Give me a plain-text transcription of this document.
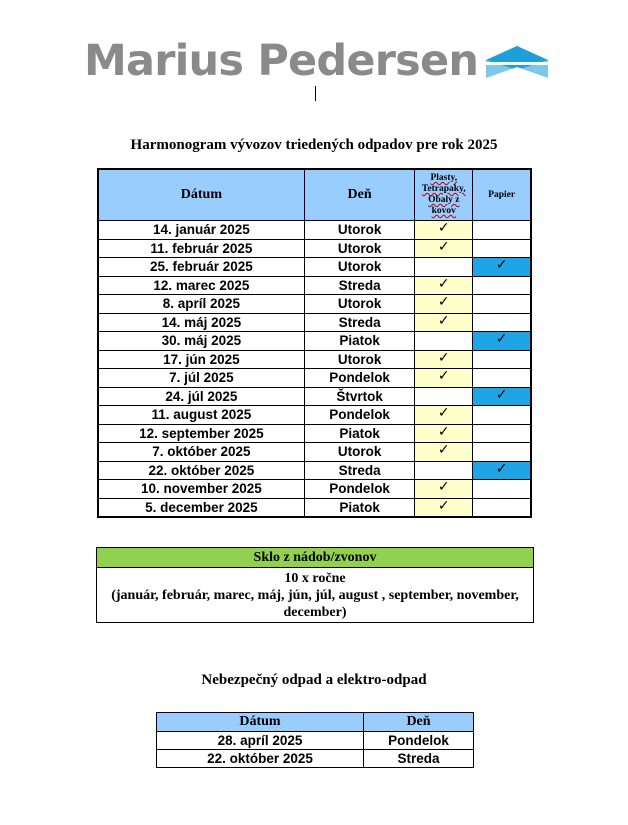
Marius Pedersen
Harmonogram vývozov triedených odpadov pre rok 2025
Dátum	Deň	Plasty, Tetrapaky, Obaly z kovov	Papier
14. január 2025	Utorok	✓	
11. február 2025	Utorok	✓	
25. február 2025	Utorok		✓
12. marec 2025	Streda	✓	
8. apríl 2025	Utorok	✓	
14. máj 2025	Streda	✓	
30. máj 2025	Piatok		✓
17. jún 2025	Utorok	✓	
7. júl 2025	Pondelok	✓	
24. júl 2025	Štvrtok		✓
11. august 2025	Pondelok	✓	
12. september 2025	Piatok	✓	
7. október 2025	Utorok	✓	
22. október 2025	Streda		✓
10. november 2025	Pondelok	✓	
5. december 2025	Piatok	✓	
Sklo z nádob/zvonov
10 x ročne
(január, február, marec, máj, jún, júl, august , september, november, december)
Nebezpečný odpad a elektro-odpad
Dátum	Deň
28. apríl 2025	Pondelok
22. október 2025	Streda
